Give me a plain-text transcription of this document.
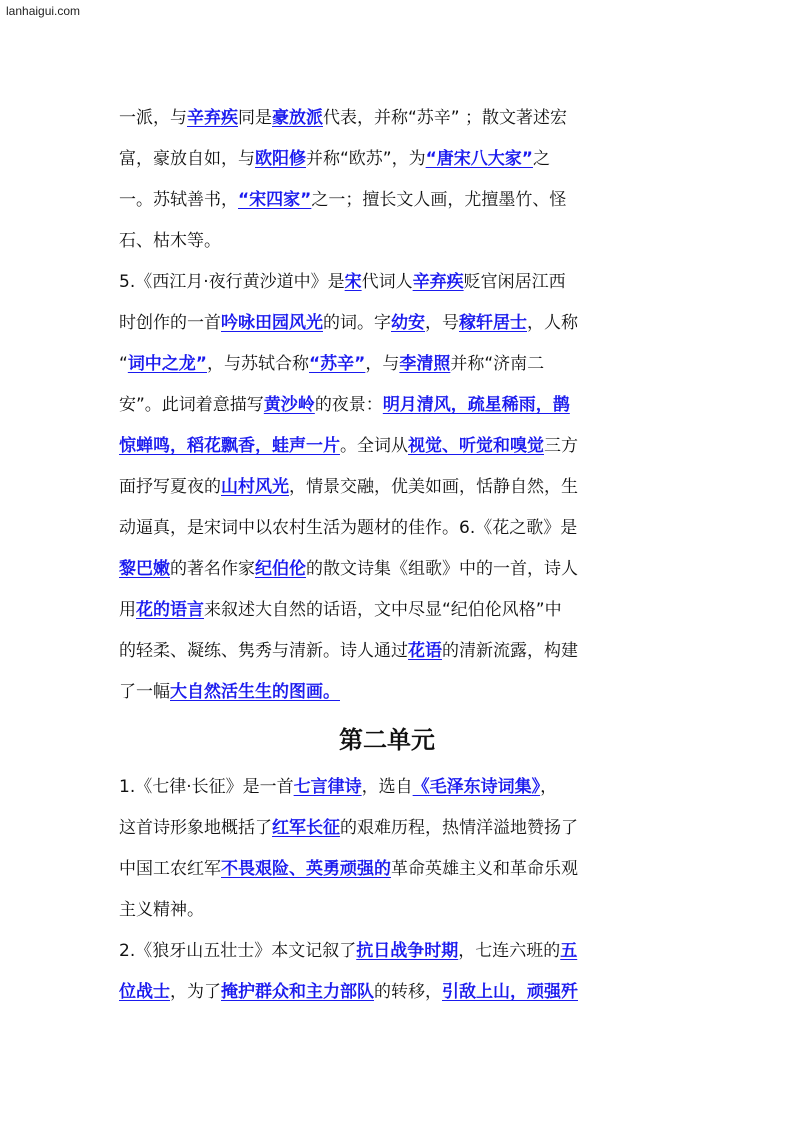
lanhaigui.com
一派，与辛弃疾同是豪放派代表，并称“苏辛” ；散文著述宏
富，豪放自如，与欧阳修并称“欧苏”，为“唐宋八大家”之
一。苏轼善书，“宋四家”之一；擅长文人画，尤擅墨竹、怪
石、枯木等。
5.《西江月·夜行黄沙道中》是宋代词人辛弃疾贬官闲居江西
时创作的一首吟咏田园风光的词。字幼安，号稼轩居士，人称
“词中之龙”，与苏轼合称“苏辛”，与李清照并称“济南二
安”。此词着意描写黄沙岭的夜景：明月清风，疏星稀雨，鹊
惊蝉鸣，稻花飘香，蛙声一片。全词从视觉、听觉和嗅觉三方
面抒写夏夜的山村风光，情景交融，优美如画，恬静自然，生
动逼真，是宋词中以农村生活为题材的佳作。6.《花之歌》是
黎巴嫩的著名作家纪伯伦的散文诗集《组歌》中的一首，诗人
用花的语言来叙述大自然的话语，文中尽显“纪伯伦风格”中
的轻柔、凝练、隽秀与清新。诗人通过花语的清新流露，构建
了一幅大自然活生生的图画。
第二单元
1.《七律·长征》是一首七言律诗，选自《毛泽东诗词集》，
这首诗形象地概括了红军长征的艰难历程，热情洋溢地赞扬了
中国工农红军不畏艰险、英勇顽强的革命英雄主义和革命乐观
主义精神。
2.《狼牙山五壮士》本文记叙了抗日战争时期，七连六班的五
位战士，为了掩护群众和主力部队的转移，引敌上山，顽强歼
